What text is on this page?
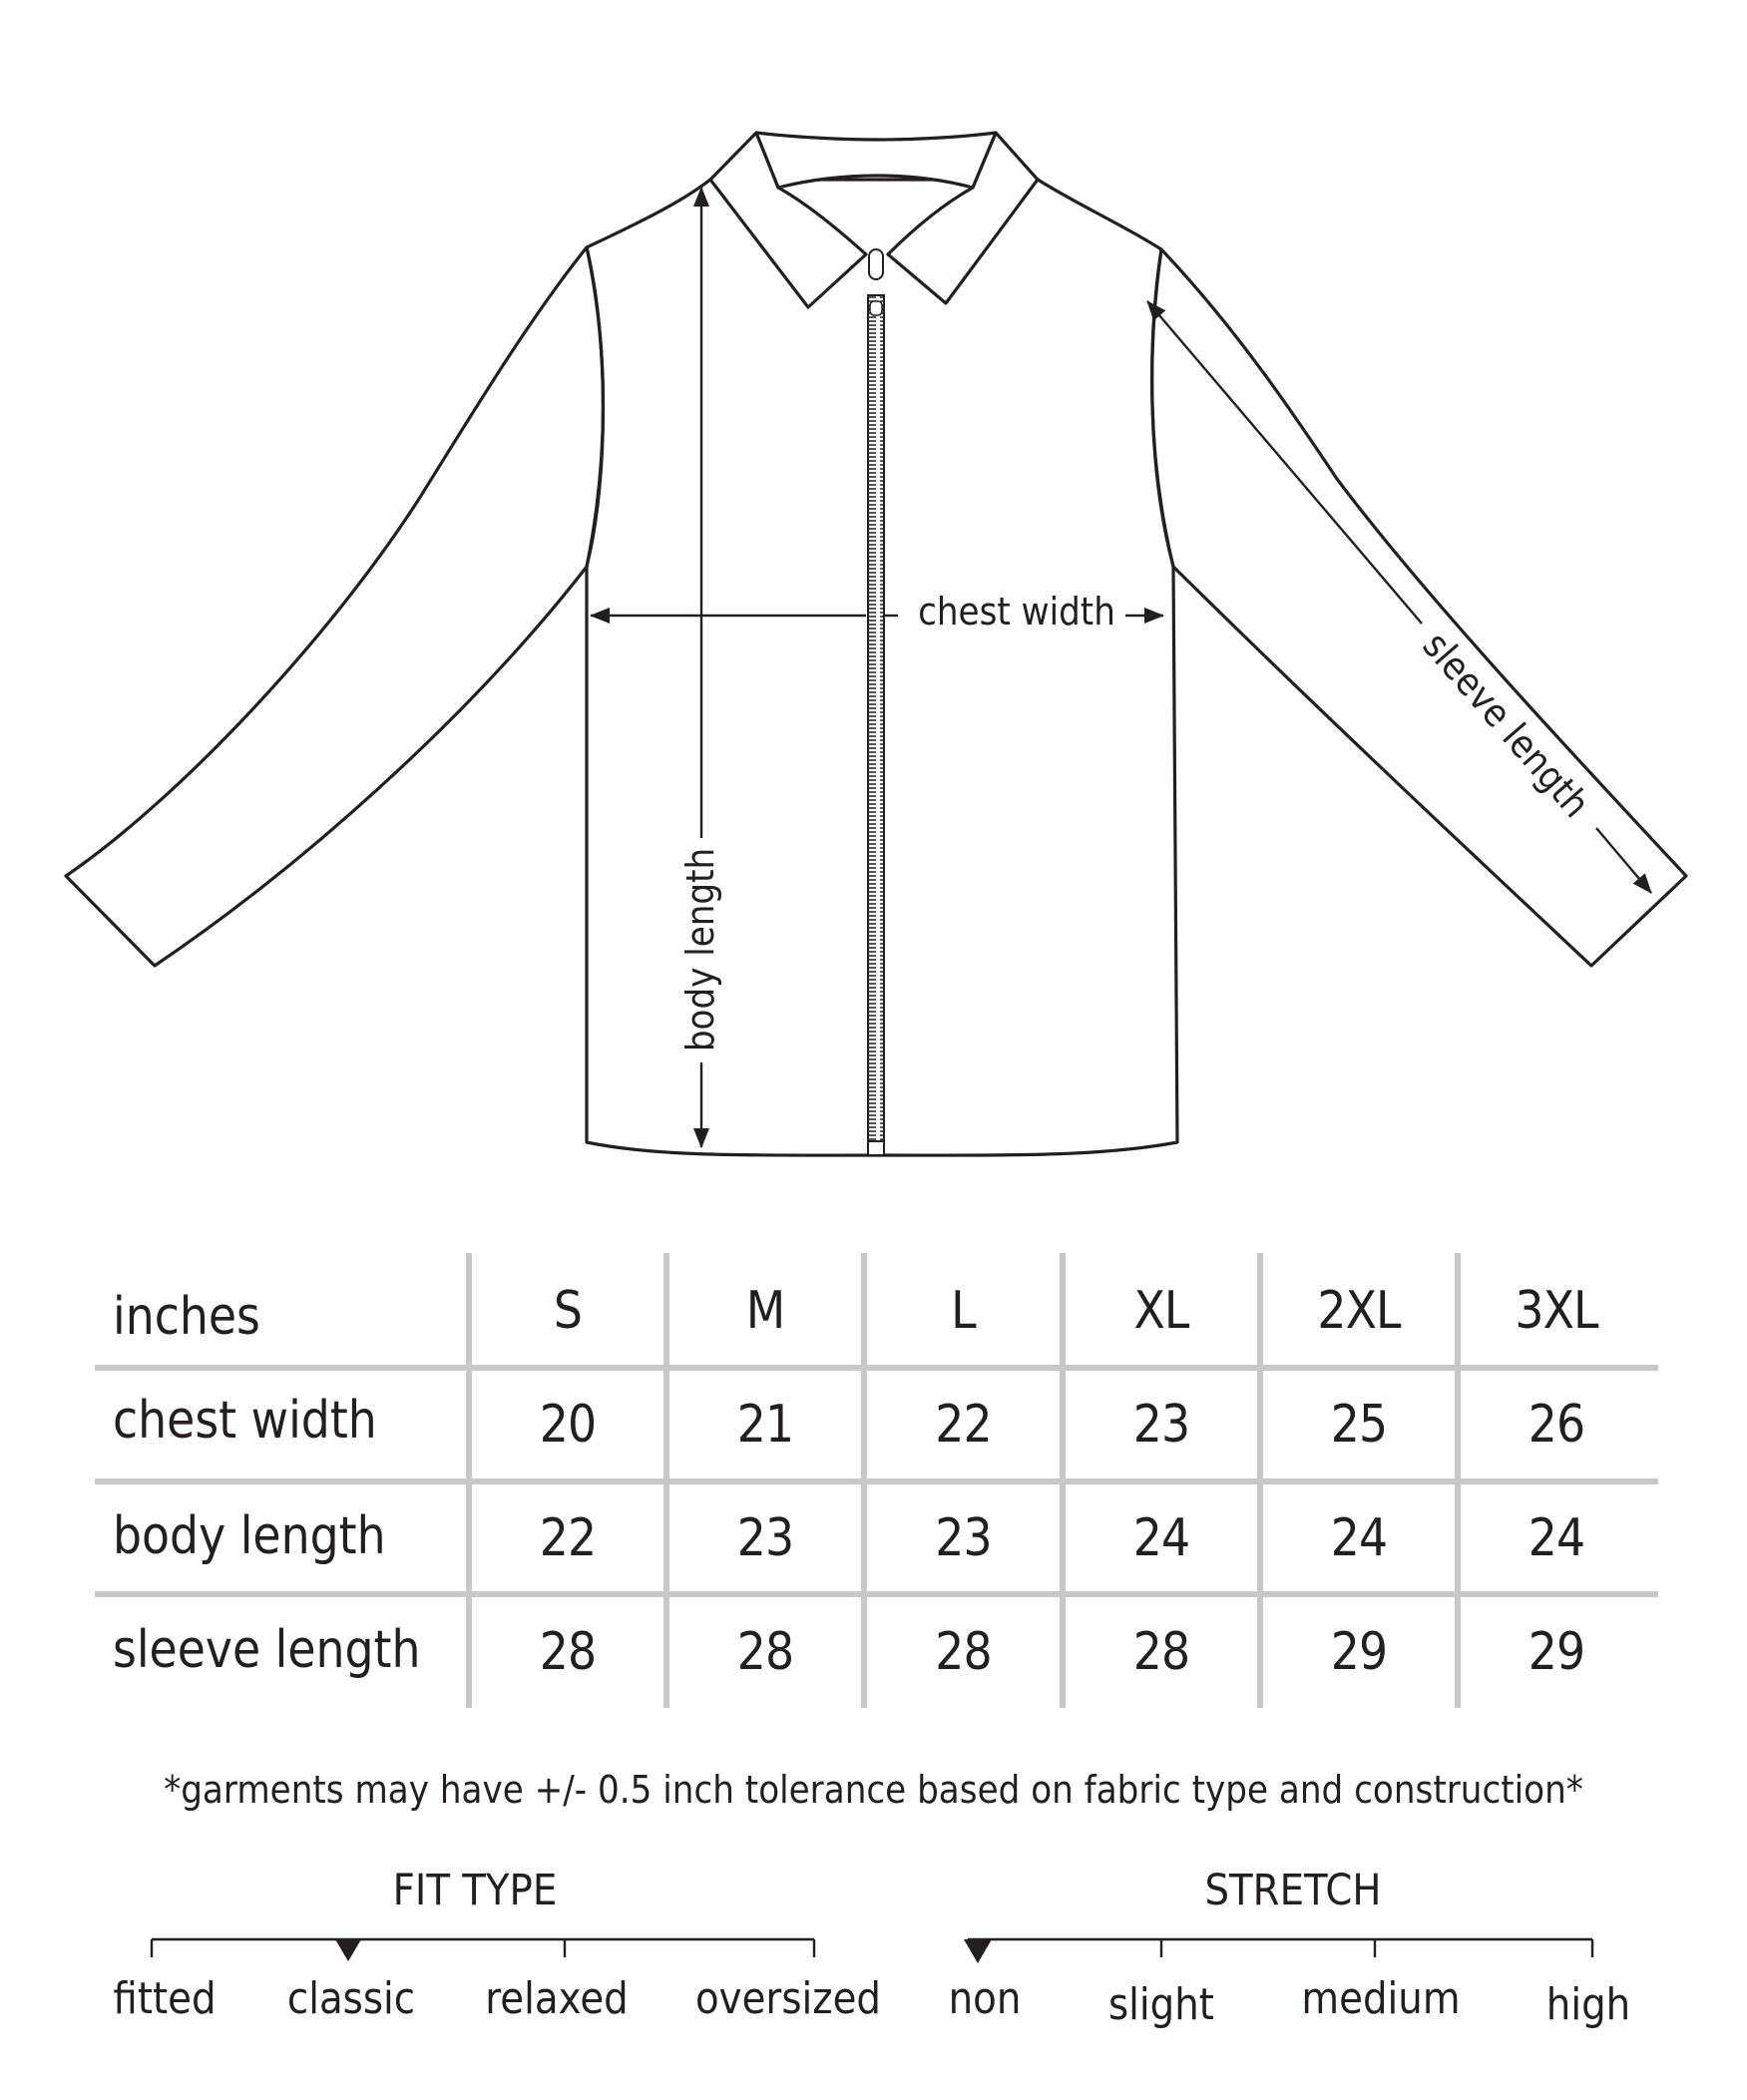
chest width
body length
sleeve length
inches	S	M	L	XL	2XL	3XL
chest width	20	21	22	23	25	26
body length	22	23	23	24	24	24
sleeve length	28	28	28	28	29	29
*garments may have +/- 0.5 inch tolerance based on fabric type and construction*
FIT TYPE
fitted	classic	relaxed	oversized
STRETCH
non	slight	medium	high
